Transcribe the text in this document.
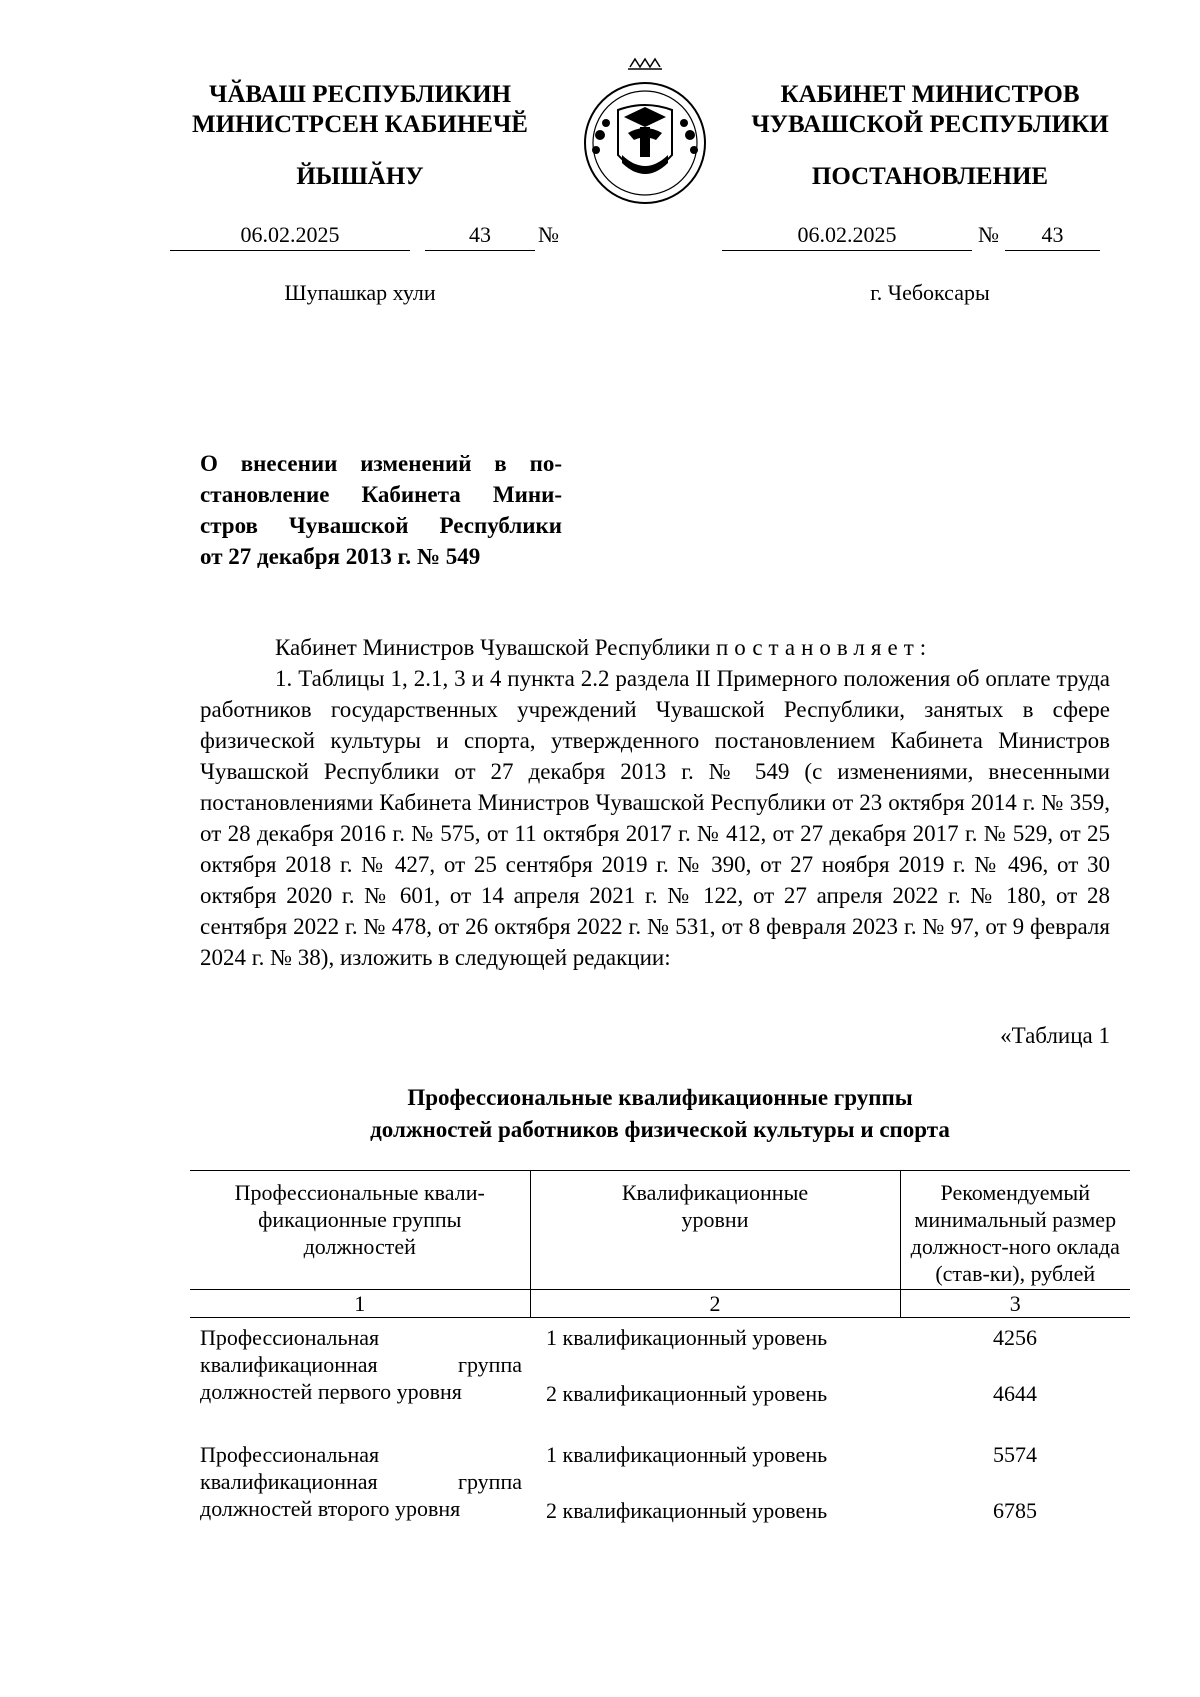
ЧӐВАШ РЕСПУБЛИКИН
МИНИСТРСЕН КАБИНЕЧӖ
ЙЫШӐНУ
06.02.2025	43	№
Шупашкар хули
КАБИНЕТ МИНИСТРОВ
ЧУВАШСКОЙ РЕСПУБЛИКИ
ПОСТАНОВЛЕНИЕ
06.02.2025	№	43
г. Чебоксары
О внесении изменений в по-
становление Кабинета Мини-
стров Чувашской Республики
от 27 декабря 2013 г. № 549
Кабинет Министров Чувашской Республики постановляет:
1. Таблицы 1, 2.1, 3 и 4 пункта 2.2 раздела II Примерного положения об оплате труда работников государственных учреждений Чувашской Республики, занятых в сфере физической культуры и спорта, утвержденного постановлением Кабинета Министров Чувашской Республики от 27 декабря 2013 г. № 549 (с изменениями, внесенными постановлениями Кабинета Министров Чувашской Республики от 23 октября 2014 г. № 359, от 28 декабря 2016 г. № 575, от 11 октября 2017 г. № 412, от 27 декабря 2017 г. № 529, от 25 октября 2018 г. № 427, от 25 сентября 2019 г. № 390, от 27 ноября 2019 г. № 496, от 30 октября 2020 г. № 601, от 14 апреля 2021 г. № 122, от 27 апреля 2022 г. № 180, от 28 сентября 2022 г. № 478, от 26 октября 2022 г. № 531, от 8 февраля 2023 г. № 97, от 9 февраля 2024 г. № 38), изложить в следующей редакции:
«Таблица 1
Профессиональные квалификационные группы
должностей работников физической культуры и спорта
Профессиональные квали-фикационные группы должностей	Квалификационные уровни	Рекомендуемый минимальный размер должност-ного оклада (став-ки), рублей
1	2	3
Профессиональная квалификационная группа должностей первого уровня	1 квалификационный уровень	4256
	2 квалификационный уровень	4644
Профессиональная квалификационная группа должностей второго уровня	1 квалификационный уровень	5574
	2 квалификационный уровень	6785
